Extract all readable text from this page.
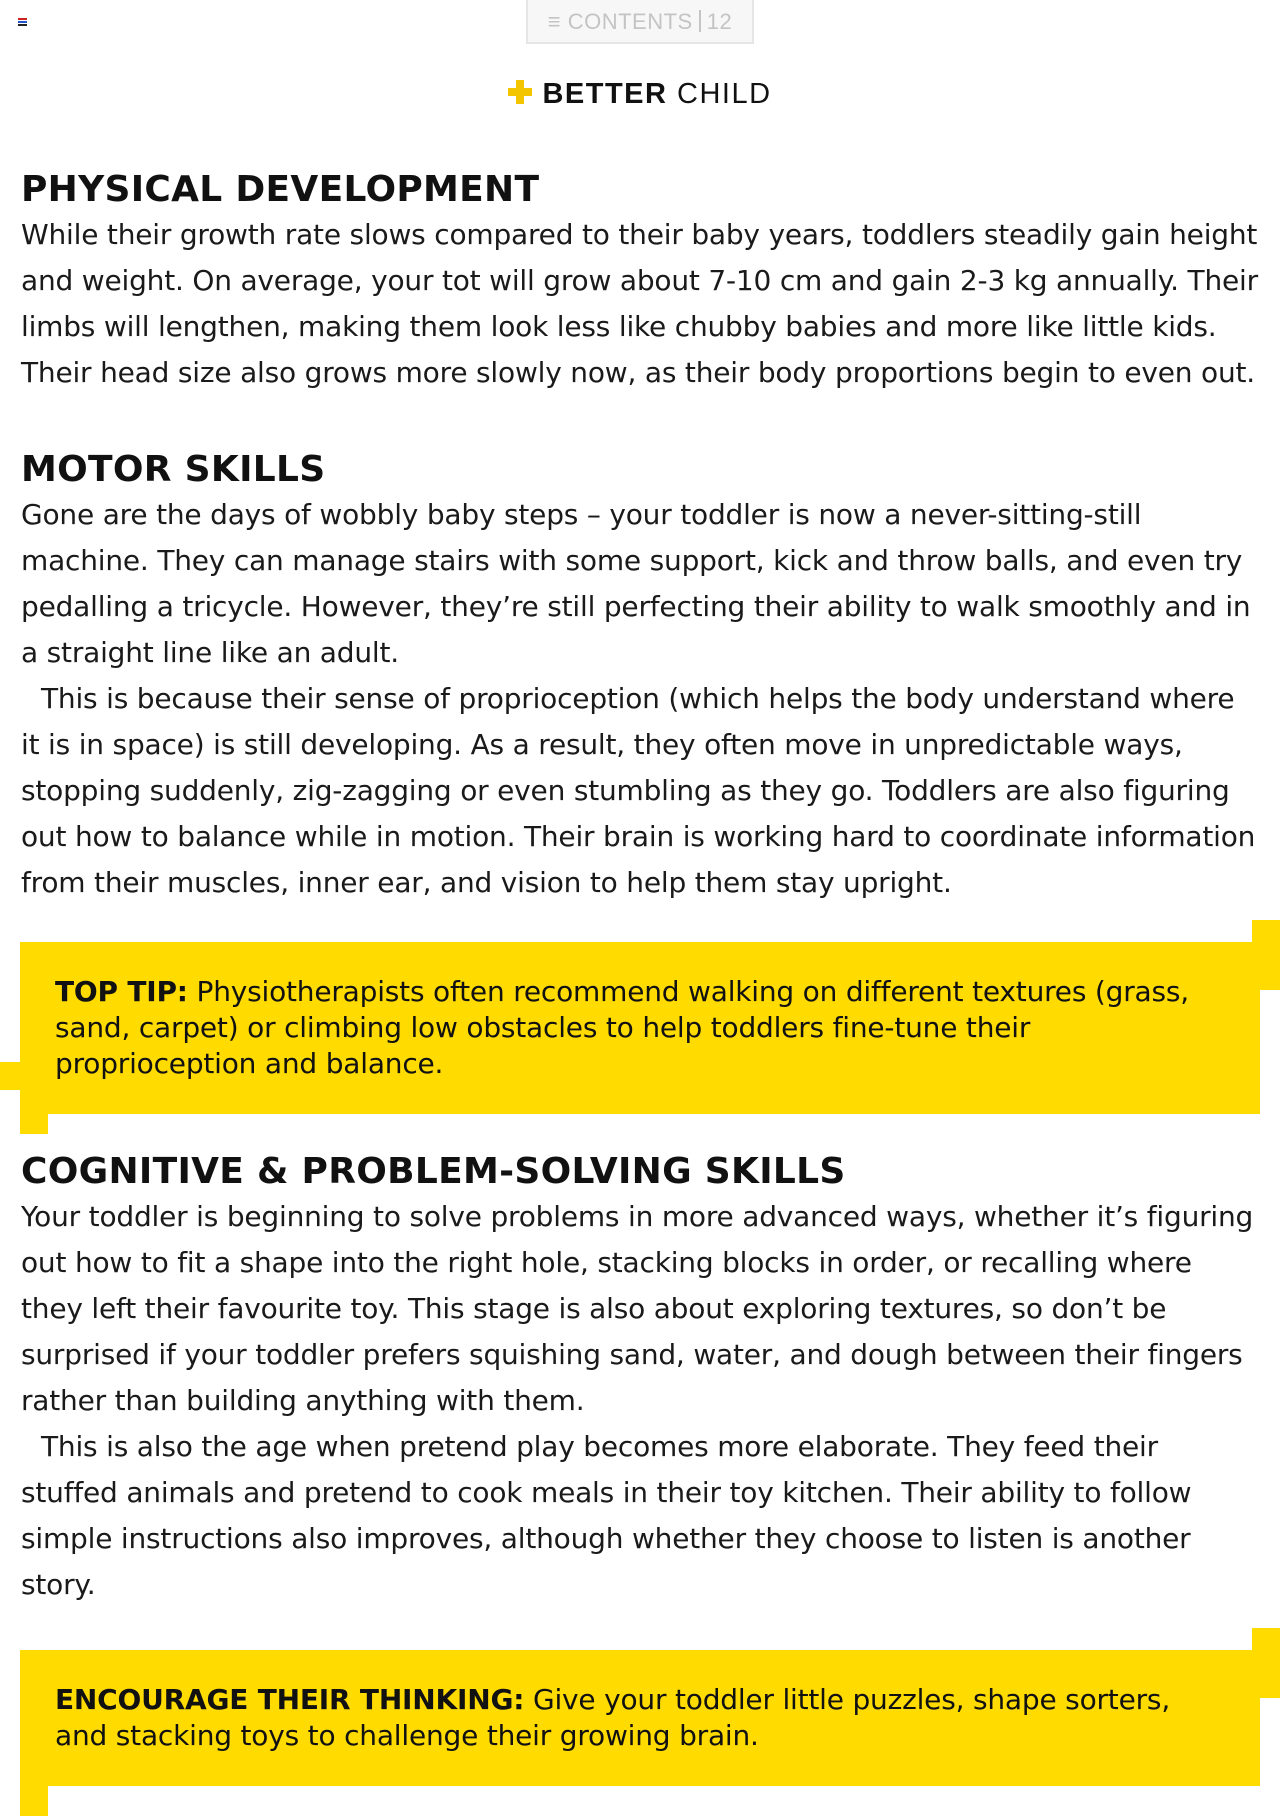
≡ CONTENTS 12
BETTER CHILD
PHYSICAL DEVELOPMENT

While their growth rate slows compared to their baby years, toddlers steadily gain height and weight. On average, your tot will grow about 7-10 cm and gain 2-3 kg annually. Their limbs will lengthen, making them look less like chubby babies and more like little kids. Their head size also grows more slowly now, as their body proportions begin to even out.

MOTOR SKILLS

Gone are the days of wobbly baby steps – your toddler is now a never-sitting-still machine. They can manage stairs with some support, kick and throw balls, and even try pedalling a tricycle. However, they’re still perfecting their ability to walk smoothly and in a straight line like an adult.

This is because their sense of proprioception (which helps the body understand where it is in space) is still developing. As a result, they often move in unpredictable ways, stopping suddenly, zig-zagging or even stumbling as they go. Toddlers are also figuring out how to balance while in motion. Their brain is working hard to coordinate information from their muscles, inner ear, and vision to help them stay upright.

TOP TIP: Physiotherapists often recommend walking on different textures (grass, sand, carpet) or climbing low obstacles to help toddlers fine-tune their proprioception and balance.

COGNITIVE & PROBLEM-SOLVING SKILLS

Your toddler is beginning to solve problems in more advanced ways, whether it’s figuring out how to fit a shape into the right hole, stacking blocks in order, or recalling where they left their favourite toy. This stage is also about exploring textures, so don’t be surprised if your toddler prefers squishing sand, water, and dough between their fingers rather than building anything with them.

This is also the age when pretend play becomes more elaborate. They feed their stuffed animals and pretend to cook meals in their toy kitchen. Their ability to follow simple instructions also improves, although whether they choose to listen is another story.

ENCOURAGE THEIR THINKING: Give your toddler little puzzles, shape sorters, and stacking toys to challenge their growing brain.
